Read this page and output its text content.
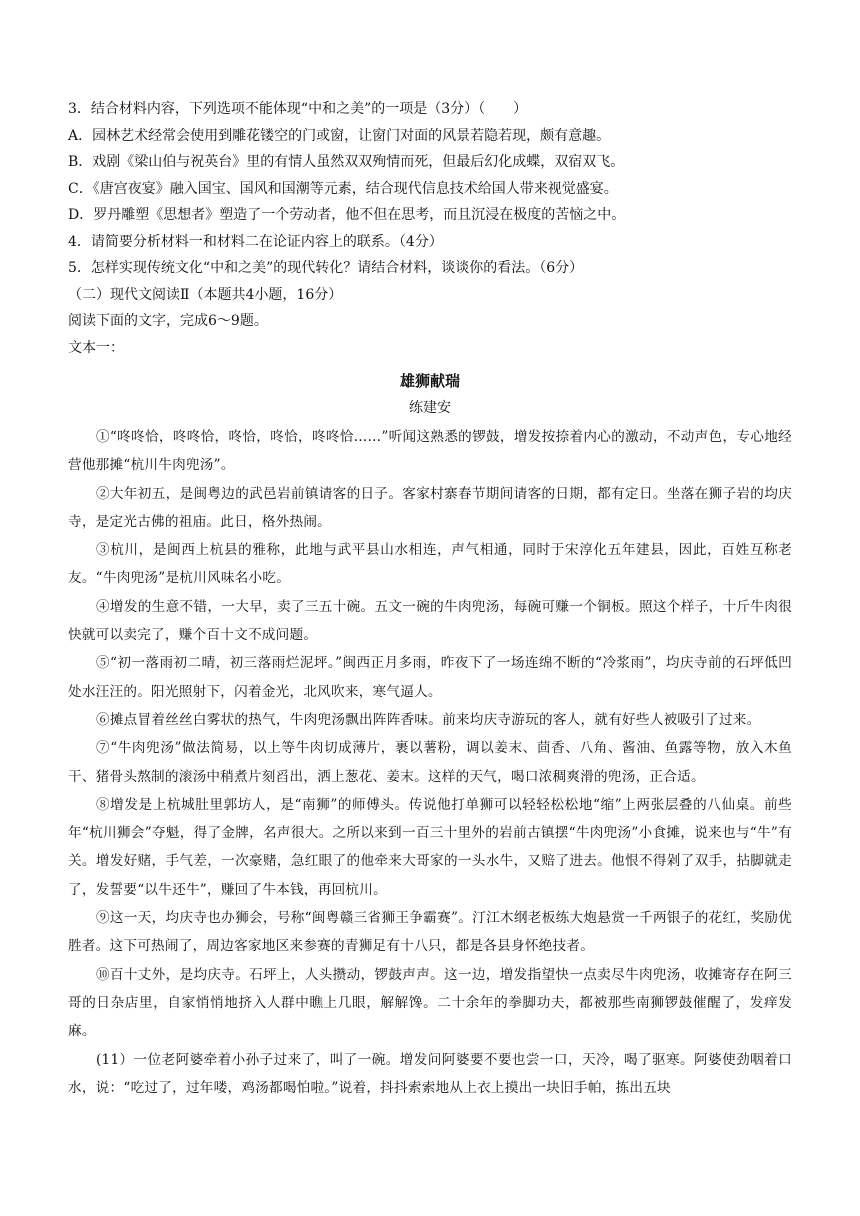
3．结合材料内容，下列选项不能体现“中和之美”的一项是（3分）（　　）

A．园林艺术经常会使用到雕花镂空的门或窗，让窗门对面的风景若隐若现，颇有意趣。

B．戏剧《梁山伯与祝英台》里的有情人虽然双双殉情而死，但最后幻化成蝶，双宿双飞。

C．《唐宫夜宴》融入国宝、国风和国潮等元素，结合现代信息技术给国人带来视觉盛宴。

D．罗丹雕塑《思想者》塑造了一个劳动者，他不但在思考，而且沉浸在极度的苦恼之中。

4．请简要分析材料一和材料二在论证内容上的联系。（4分）

5．怎样实现传统文化“中和之美”的现代转化？请结合材料，谈谈你的看法。（6分）

（二）现代文阅读Ⅱ（本题共4小题，16分）

阅读下面的文字，完成6～9题。

文本一：

雄狮献瑞

练建安

①“咚咚恰，咚咚恰，咚恰，咚恰，咚咚恰……”听闻这熟悉的锣鼓，增发按捺着内心的激动，不动声色，专心地经营他那摊“杭川牛肉兜汤”。

②大年初五，是闽粤边的武邑岩前镇请客的日子。客家村寨春节期间请客的日期，都有定日。坐落在狮子岩的均庆寺，是定光古佛的祖庙。此日，格外热闹。

③杭川，是闽西上杭县的雅称，此地与武平县山水相连，声气相通，同时于宋淳化五年建县，因此，百姓互称老友。“牛肉兜汤”是杭川风味名小吃。

④增发的生意不错，一大早，卖了三五十碗。五文一碗的牛肉兜汤，每碗可赚一个铜板。照这个样子，十斤牛肉很快就可以卖完了，赚个百十文不成问题。

⑤“初一落雨初二晴，初三落雨烂泥坪。”闽西正月多雨，昨夜下了一场连绵不断的“冷浆雨”，均庆寺前的石坪低凹处水汪汪的。阳光照射下，闪着金光，北风吹来，寒气逼人。

⑥摊点冒着丝丝白雾状的热气，牛肉兜汤飘出阵阵香味。前来均庆寺游玩的客人，就有好些人被吸引了过来。

⑦“牛肉兜汤”做法简易，以上等牛肉切成薄片，裹以薯粉，调以姜末、茴香、八角、酱油、鱼露等物，放入木鱼干、猪骨头熬制的滚汤中稍煮片刻舀出，洒上葱花、姜末。这样的天气，喝口浓稠爽滑的兜汤，正合适。

⑧增发是上杭城肚里郭坊人，是“南狮”的师傅头。传说他打单狮可以轻轻松松地“缩”上两张层叠的八仙桌。前些年“杭川狮会”夺魁，得了金牌，名声很大。之所以来到一百三十里外的岩前古镇摆“牛肉兜汤”小食摊，说来也与“牛”有关。增发好赌，手气差，一次豪赌，急红眼了的他牵来大哥家的一头水牛，又赔了进去。他恨不得剁了双手，拈脚就走了，发誓要“以牛还牛”，赚回了牛本钱，再回杭川。

⑨这一天，均庆寺也办狮会，号称“闽粤赣三省狮王争霸赛”。汀江木纲老板练大炮悬赏一千两银子的花红，奖励优胜者。这下可热闹了，周边客家地区来参赛的青狮足有十八只，都是各县身怀绝技者。

⑩百十丈外，是均庆寺。石坪上，人头攒动，锣鼓声声。这一边，增发指望快一点卖尽牛肉兜汤，收摊寄存在阿三哥的日杂店里，自家悄悄地挤入人群中瞧上几眼，解解馋。二十余年的拳脚功夫，都被那些南狮锣鼓催醒了，发痒发麻。

(11）一位老阿婆牵着小孙子过来了，叫了一碗。增发问阿婆要不要也尝一口，天冷，喝了驱寒。阿婆使劲咽着口水，说：“吃过了，过年喽，鸡汤都喝怕啦。”说着，抖抖索索地从上衣上摸出一块旧手帕，拣出五块
